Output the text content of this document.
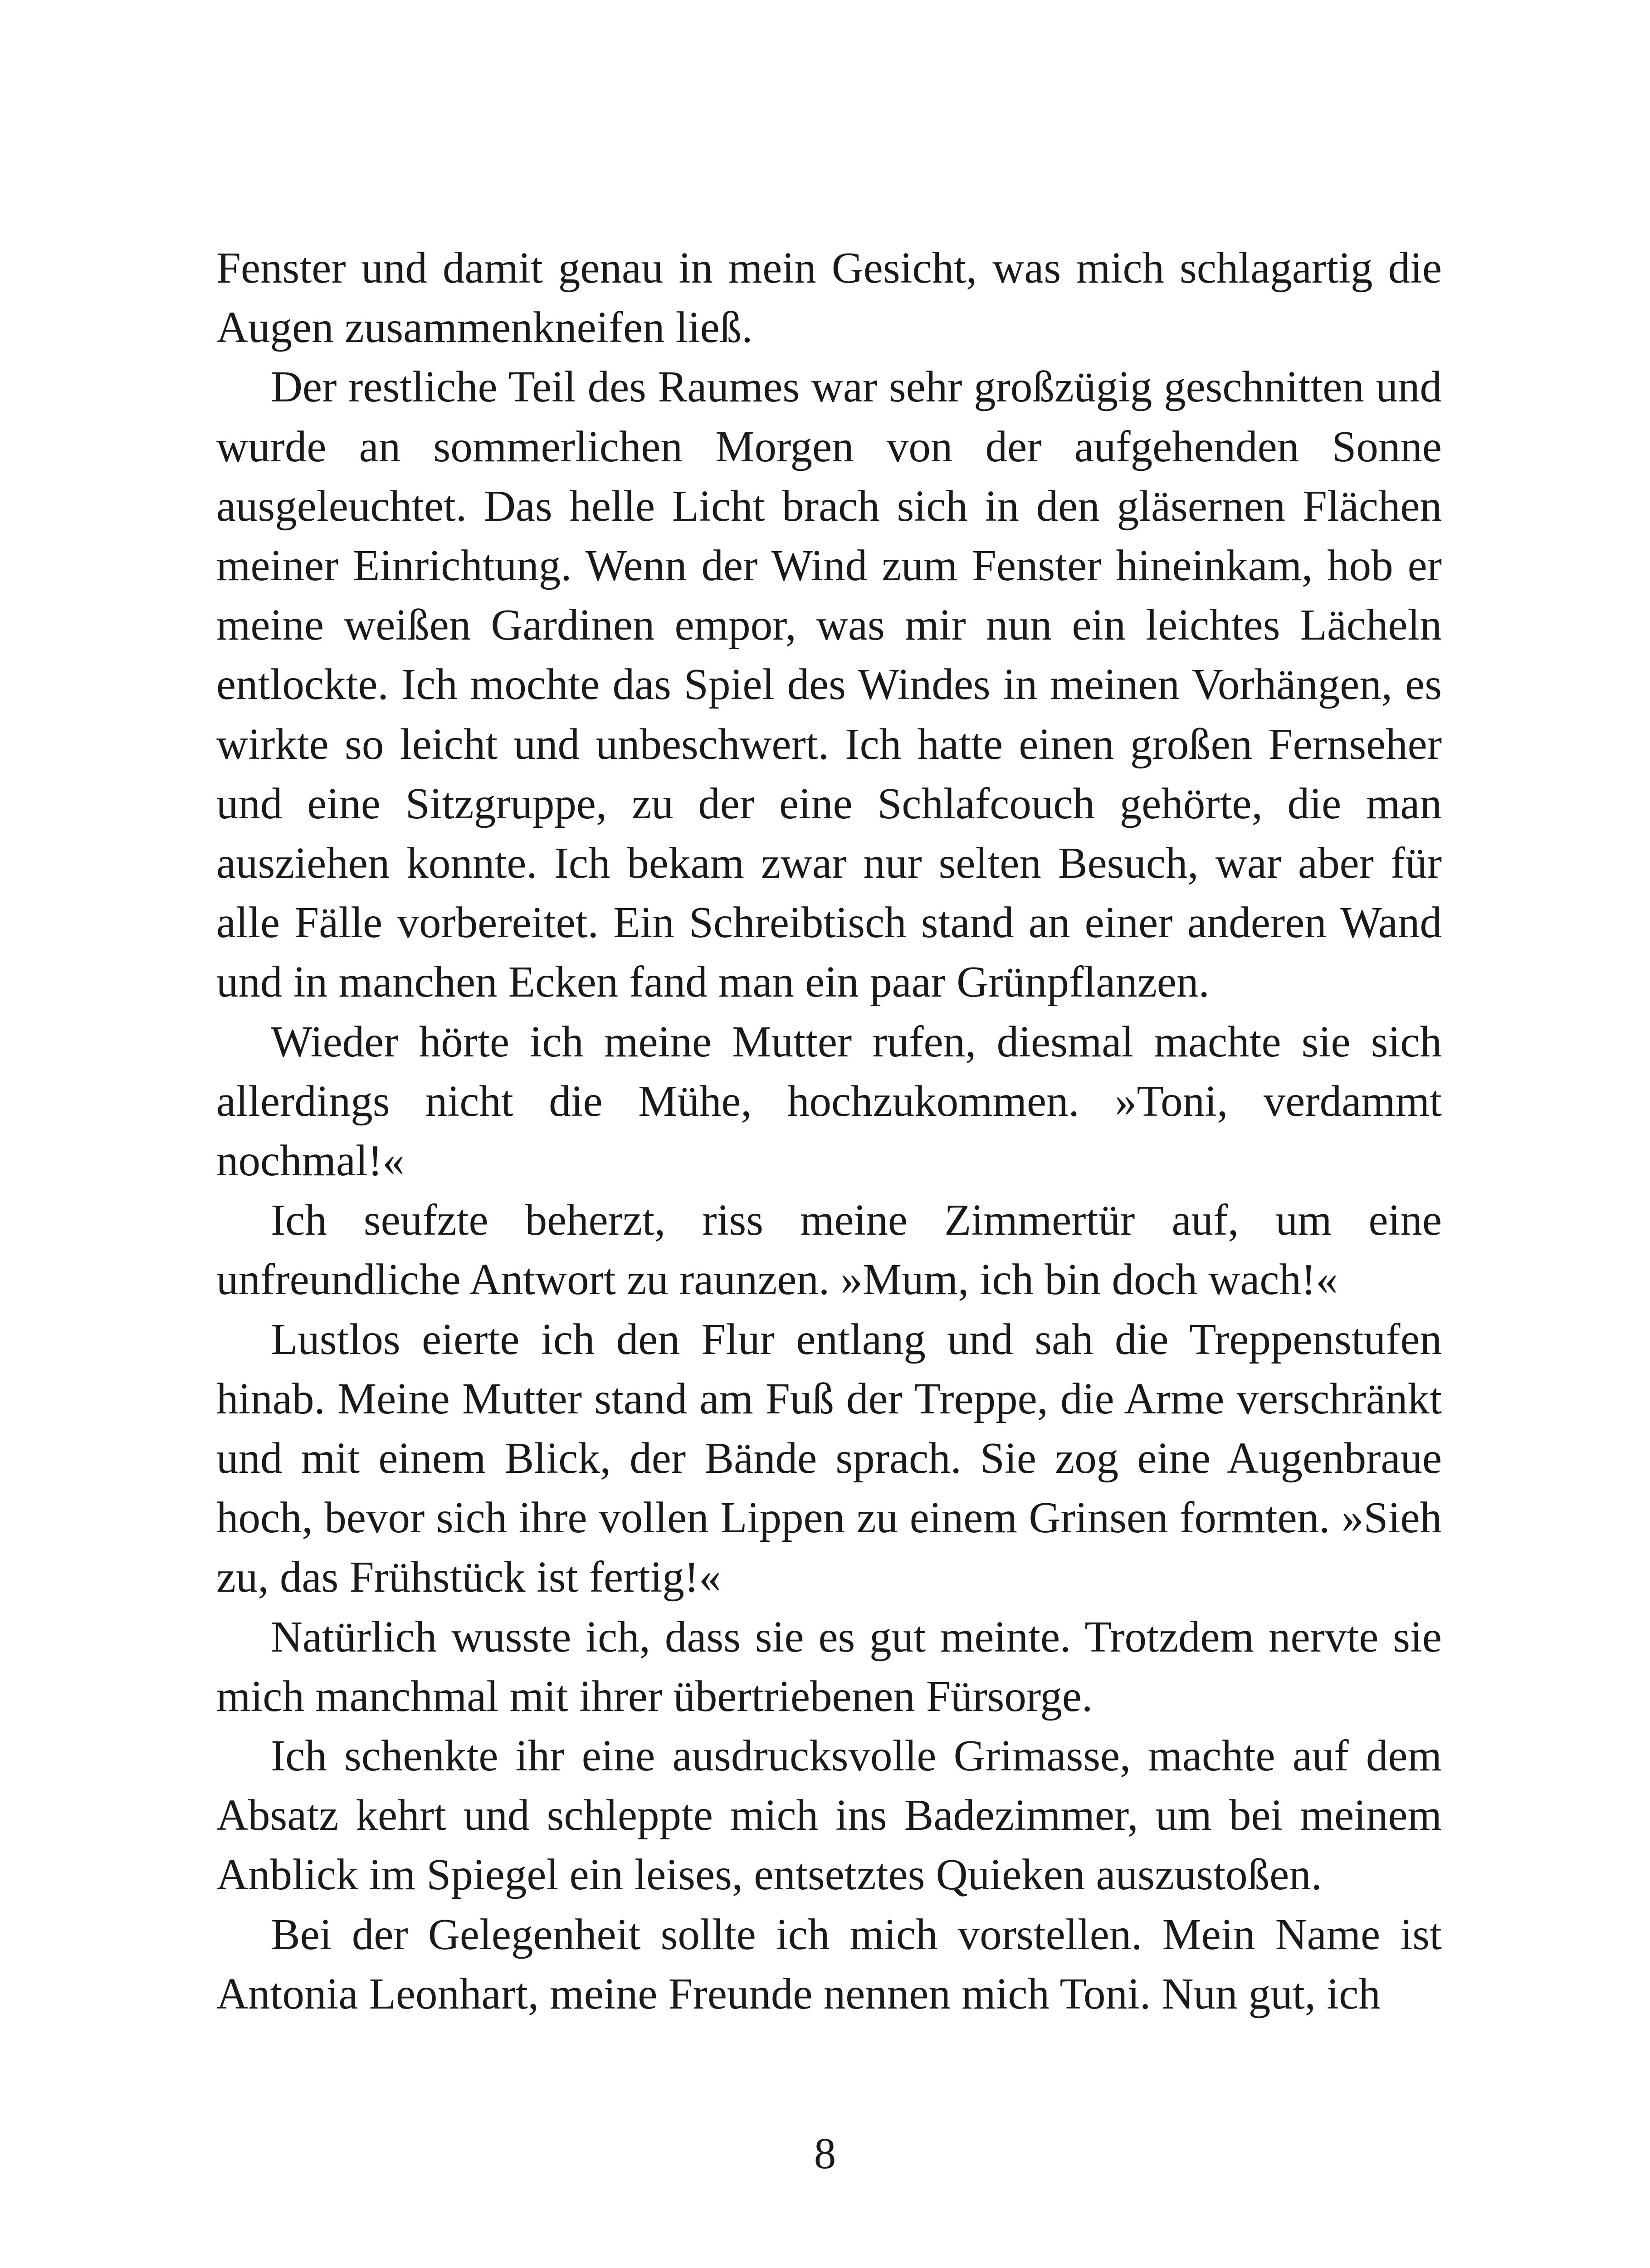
Fenster und damit genau in mein Gesicht, was mich schlagartig die Augen zusammenkneifen ließ.

Der restliche Teil des Raumes war sehr großzügig geschnitten und wurde an sommerlichen Morgen von der aufgehenden Sonne ausgeleuchtet. Das helle Licht brach sich in den gläsernen Flächen meiner Einrichtung. Wenn der Wind zum Fenster hineinkam, hob er meine weißen Gardinen empor, was mir nun ein leichtes Lächeln entlockte. Ich mochte das Spiel des Windes in meinen Vorhängen, es wirkte so leicht und unbeschwert. Ich hatte einen großen Fernseher und eine Sitzgruppe, zu der eine Schlafcouch gehörte, die man ausziehen konnte. Ich bekam zwar nur selten Besuch, war aber für alle Fälle vorbereitet. Ein Schreibtisch stand an einer anderen Wand und in manchen Ecken fand man ein paar Grünpflanzen.

Wieder hörte ich meine Mutter rufen, diesmal machte sie sich allerdings nicht die Mühe, hochzukommen. »Toni, verdammt nochmal!«

Ich seufzte beherzt, riss meine Zimmertür auf, um eine unfreundliche Antwort zu raunzen. »Mum, ich bin doch wach!«

Lustlos eierte ich den Flur entlang und sah die Treppenstufen hinab. Meine Mutter stand am Fuß der Treppe, die Arme verschränkt und mit einem Blick, der Bände sprach. Sie zog eine Augenbraue hoch, bevor sich ihre vollen Lippen zu einem Grinsen formten. »Sieh zu, das Frühstück ist fertig!«

Natürlich wusste ich, dass sie es gut meinte. Trotzdem nervte sie mich manchmal mit ihrer übertriebenen Fürsorge.

Ich schenkte ihr eine ausdrucksvolle Grimasse, machte auf dem Absatz kehrt und schleppte mich ins Badezimmer, um bei meinem Anblick im Spiegel ein leises, entsetztes Quieken auszustoßen.

Bei der Gelegenheit sollte ich mich vorstellen. Mein Name ist Antonia Leonhart, meine Freunde nennen mich Toni. Nun gut, ich

8
